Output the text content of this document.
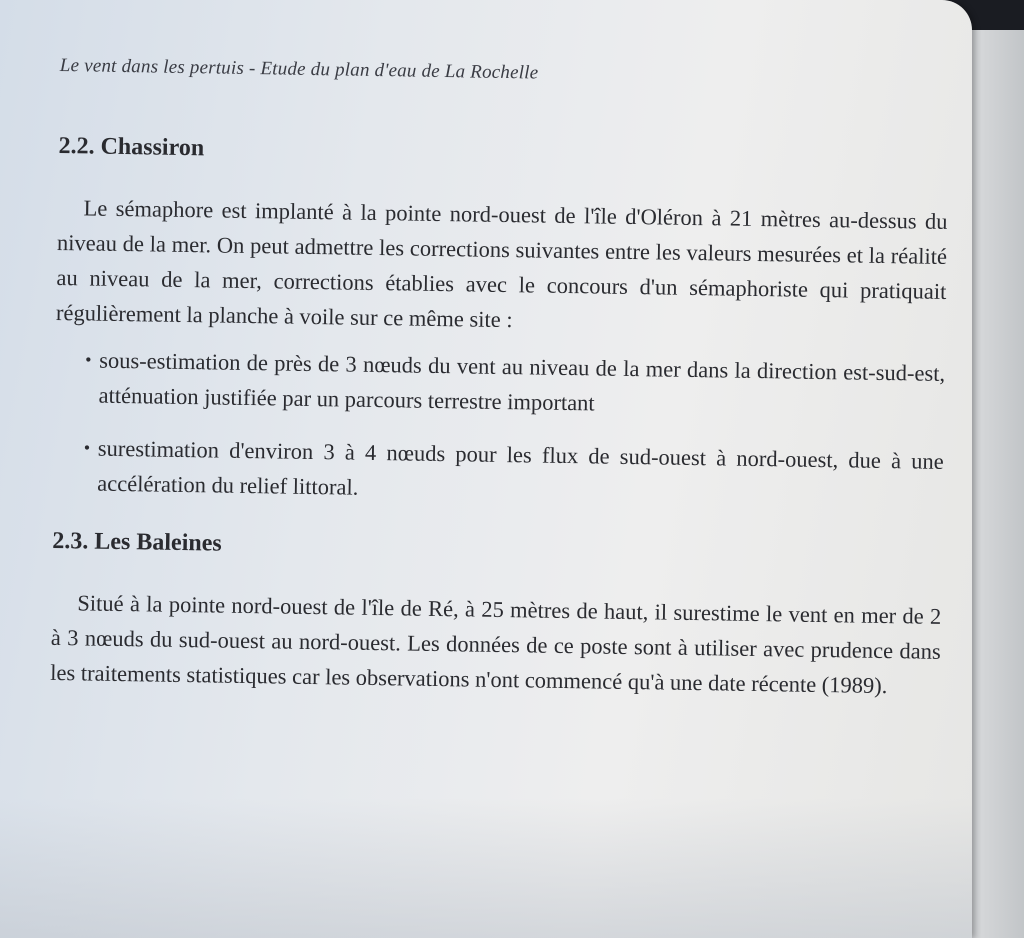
Le vent dans les pertuis - Etude du plan d'eau de La Rochelle

2.2. Chassiron

Le sémaphore est implanté à la pointe nord-ouest de l'île d'Oléron à 21 mètres au-dessus du niveau de la mer. On peut admettre les corrections suivantes entre les valeurs mesurées et la réalité au niveau de la mer, corrections établies avec le concours d'un sémaphoriste qui pratiquait régulièrement la planche à voile sur ce même site :

• sous-estimation de près de 3 nœuds du vent au niveau de la mer dans la direction est-sud-est, atténuation justifiée par un parcours terrestre important
• surestimation d'environ 3 à 4 nœuds pour les flux de sud-ouest à nord-ouest, due à une accélération du relief littoral.
2.3. Les Baleines

Situé à la pointe nord-ouest de l'île de Ré, à 25 mètres de haut, il surestime le vent en mer de 2 à 3 nœuds du sud-ouest au nord-ouest. Les données de ce poste sont à utiliser avec prudence dans les traitements statistiques car les observations n'ont commencé qu'à une date récente (1989).
